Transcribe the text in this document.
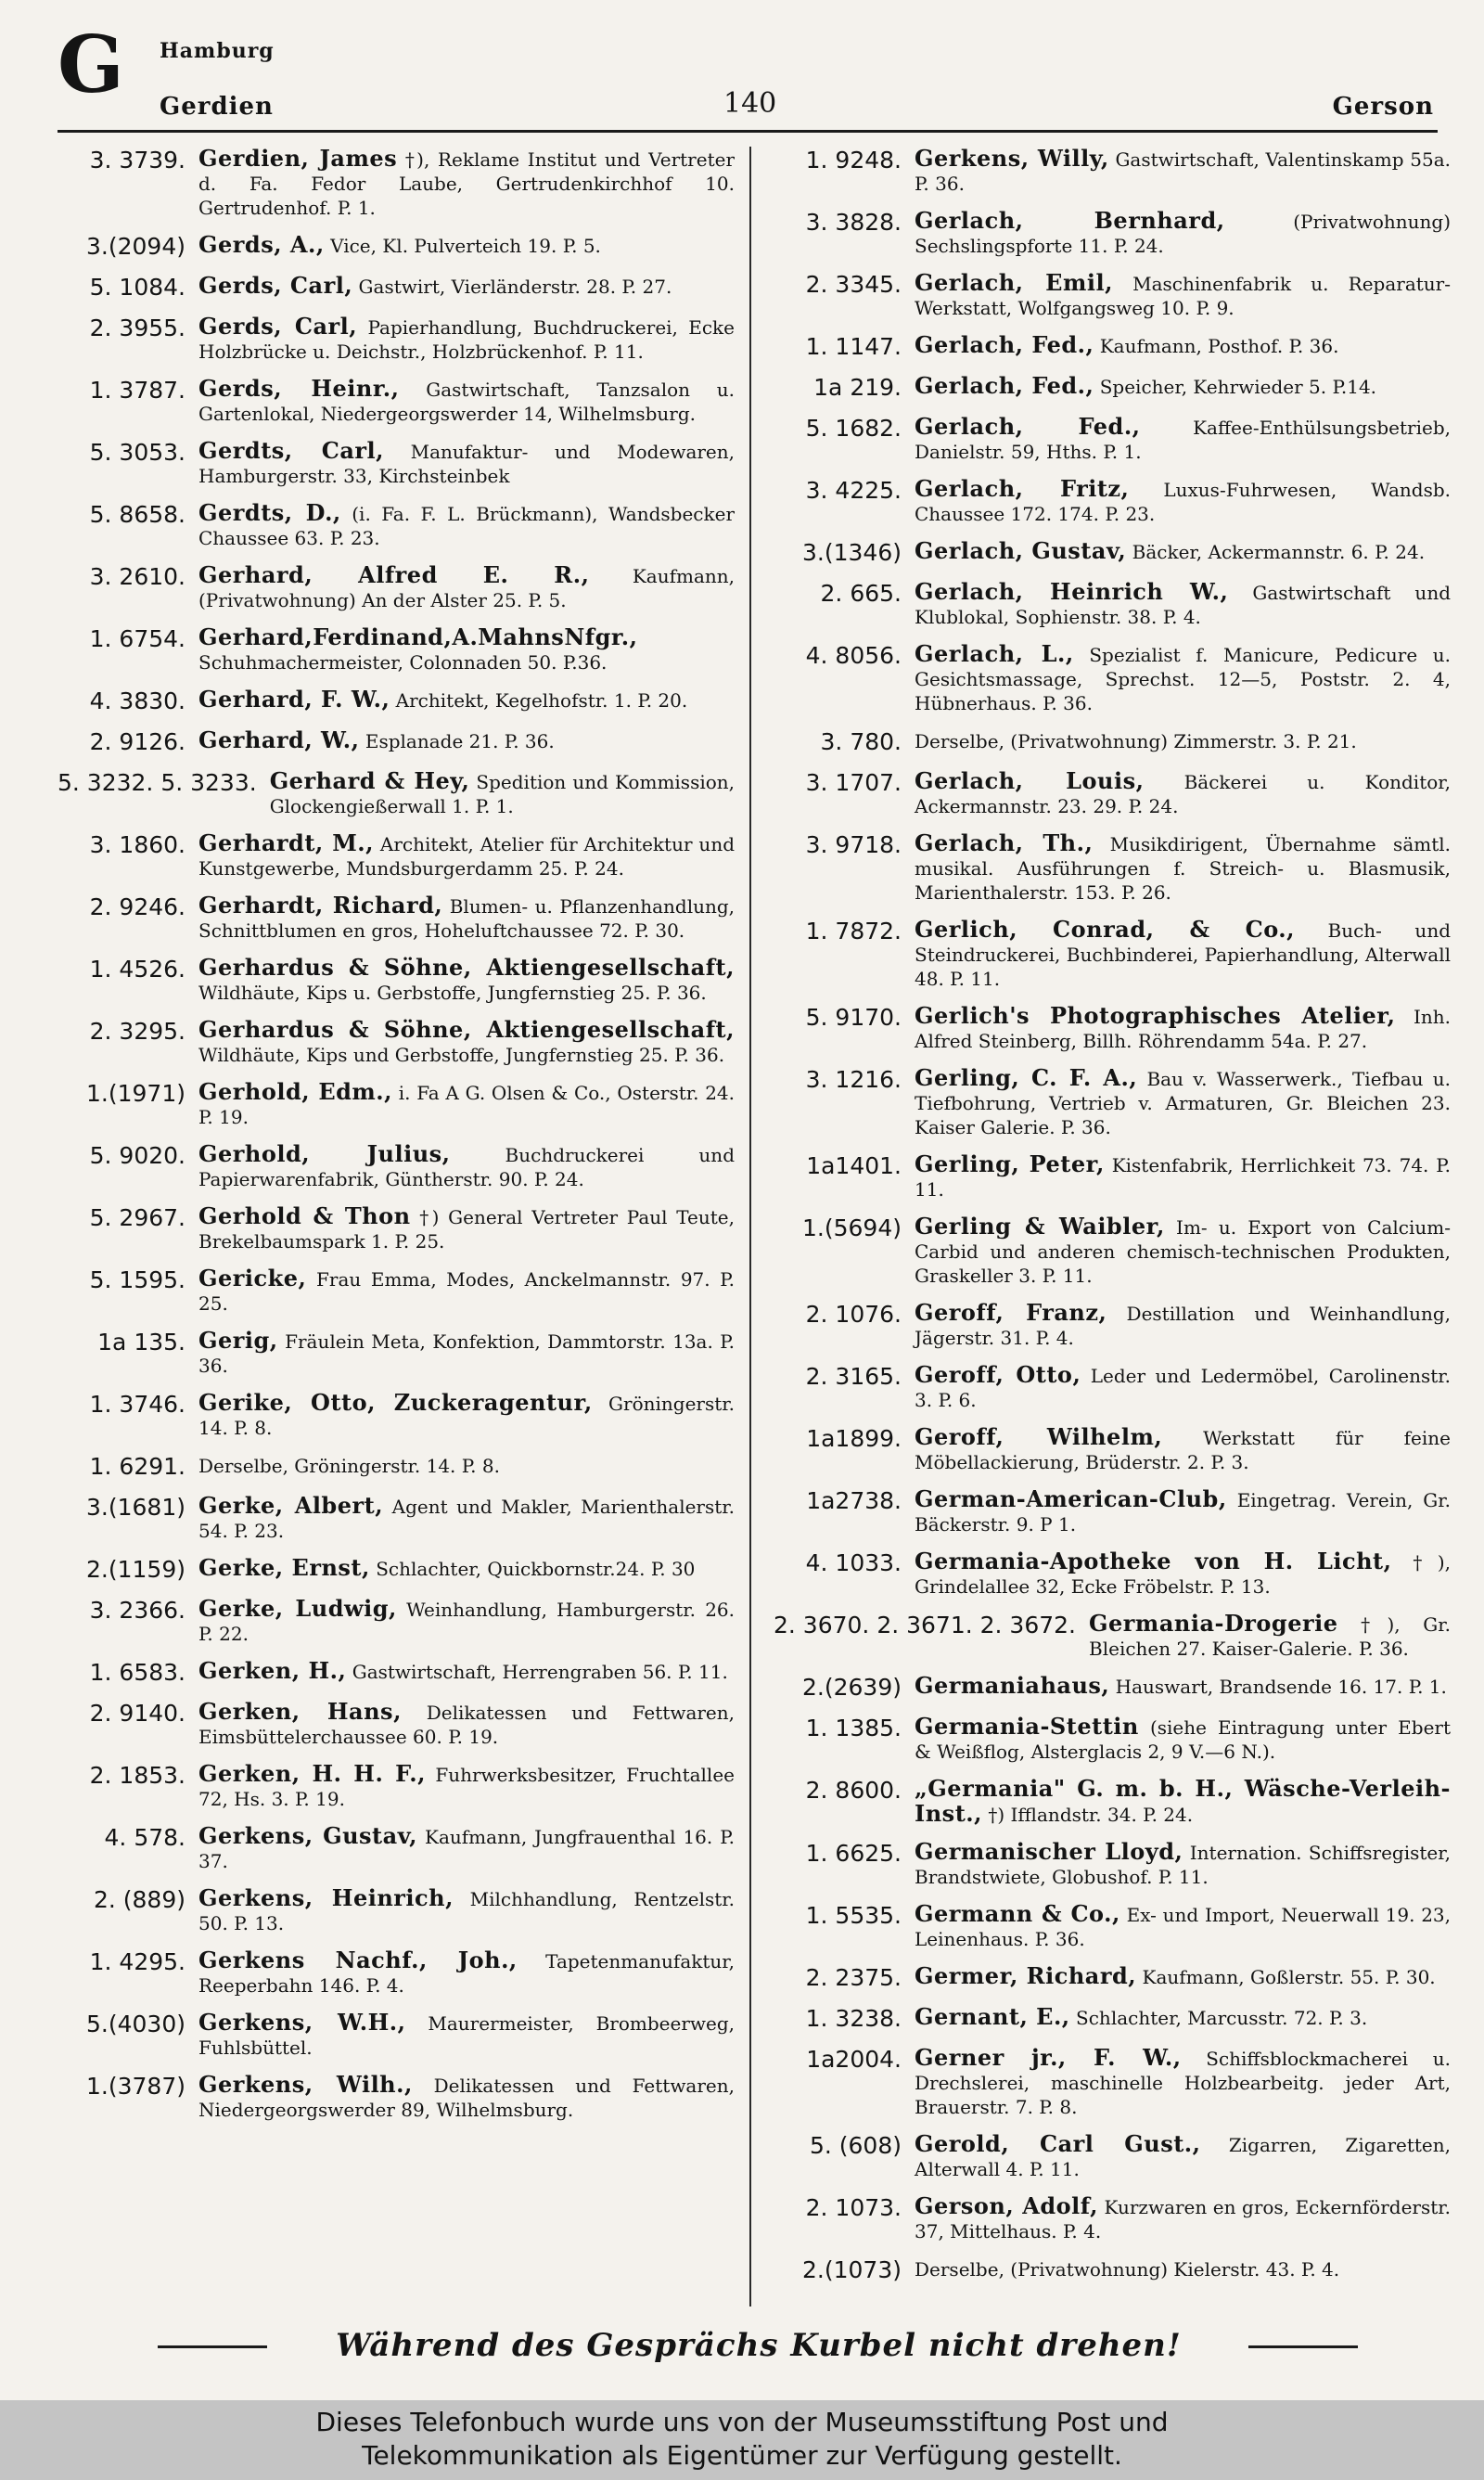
G Hamburg
Gerdien	140	Gerson
3. 3739. Gerdien, James †), Reklame Institut und Vertreter d. Fa. Fedor Laube, Gertrudenkirchhof 10. Gertrudenhof. P. 1.
3.(2094) Gerds, A., Vice, Kl. Pulverteich 19. P. 5.
5. 1084. Gerds, Carl, Gastwirt, Vierländerstr. 28. P. 27.
2. 3955. Gerds, Carl, Papierhandlung, Buchdruckerei, Ecke Holzbrücke u. Deichstr., Holzbrückenhof. P. 11.
1. 3787. Gerds, Heinr., Gastwirtschaft, Tanzsalon u. Gartenlokal, Niedergeorgswerder 14, Wilhelmsburg.
5. 3053. Gerdts, Carl, Manufaktur- und Modewaren, Hamburgerstr. 33, Kirchsteinbek
5. 8658. Gerdts, D., (i. Fa. F. L. Brückmann), Wandsbecker Chaussee 63. P. 23.
3. 2610. Gerhard, Alfred E. R., Kaufmann, (Privatwohnung) An der Alster 25. P. 5.
1. 6754. Gerhard,Ferdinand,A.MahnsNfgr., Schuhmachermeister, Colonnaden 50. P.36.
4. 3830. Gerhard, F. W., Architekt, Kegelhofstr. 1. P. 20.
2. 9126. Gerhard, W., Esplanade 21. P. 36.
5. 3232. 5. 3233. Gerhard & Hey, Spedition und Kommission, Glockengießerwall 1. P. 1.
3. 1860. Gerhardt, M., Architekt, Atelier für Architektur und Kunstgewerbe, Mundsburgerdamm 25. P. 24.
2. 9246. Gerhardt, Richard, Blumen- u. Pflanzenhandlung, Schnittblumen en gros, Hoheluftchaussee 72. P. 30.
1. 4526. Gerhardus & Söhne, Aktiengesellschaft, Wildhäute, Kips u. Gerbstoffe, Jungfernstieg 25. P. 36.
2. 3295. Gerhardus & Söhne, Aktiengesellschaft, Wildhäute, Kips und Gerbstoffe, Jungfernstieg 25. P. 36.
1.(1971) Gerhold, Edm., i. Fa A G. Olsen & Co., Osterstr. 24. P. 19.
5. 9020. Gerhold, Julius,	Buchdruckerei und Papierwarenfabrik, Güntherstr. 90. P. 24.
5. 2967. Gerhold & Thon †) General Vertreter Paul Teute, Brekelbaumspark 1. P. 25.
5. 1595. Gericke, Frau Emma, Modes, Anckelmannstr. 97. P. 25.
1a 135. Gerig, Fräulein Meta, Konfektion, Dammtorstr. 13a. P. 36.
1. 3746. Gerike, Otto, Zuckeragentur, Gröningerstr. 14. P. 8.
1. 6291. Derselbe, Gröningerstr. 14. P. 8.
3.(1681) Gerke, Albert, Agent und Makler, Marienthalerstr. 54. P. 23.
2.(1159) Gerke, Ernst, Schlachter, Quickbornstr.24. P. 30
3. 2366. Gerke, Ludwig, Weinhandlung, Hamburgerstr. 26. P. 22.
1. 6583. Gerken, H., Gastwirtschaft, Herrengraben 56. P. 11.
2. 9140. Gerken, Hans, Delikatessen und Fettwaren, Eimsbüttelerchaussee 60. P. 19.
2. 1853. Gerken, H. H. F., Fuhrwerksbesitzer, Fruchtallee 72, Hs. 3. P. 19.
4. 578. Gerkens, Gustav, Kaufmann, Jungfrauenthal 16. P. 37.
2. (889) Gerkens, Heinrich, Milchhandlung, Rentzelstr. 50. P. 13.
1. 4295. Gerkens Nachf., Joh., Tapetenmanufaktur, Reeperbahn 146. P. 4.
5.(4030) Gerkens, W.H., Maurermeister, Brombeerweg, Fuhlsbüttel.
1.(3787) Gerkens, Wilh., Delikatessen und Fettwaren, Niedergeorgswerder 89, Wilhelmsburg.
1. 9248. Gerkens, Willy, Gastwirtschaft, Valentinskamp 55a. P. 36.
3. 3828. Gerlach, Bernhard,	(Privatwohnung) Sechslingspforte 11. P. 24.
2. 3345. Gerlach, Emil, Maschinenfabrik u. Reparatur-Werkstatt, Wolfgangsweg 10. P. 9.
1. 1147. Gerlach, Fed., Kaufmann, Posthof. P. 36.
1a 219. Gerlach, Fed., Speicher, Kehrwieder 5. P.14.
5. 1682. Gerlach, Fed.,	Kaffee-Enthülsungsbetrieb, Danielstr. 59, Hths. P. 1.
3. 4225. Gerlach, Fritz, Luxus-Fuhrwesen, Wandsb. Chaussee 172. 174. P. 23.
3.(1346) Gerlach, Gustav, Bäcker, Ackermannstr. 6. P. 24.
2. 665. Gerlach, Heinrich W., Gastwirtschaft und Klublokal, Sophienstr. 38. P. 4.
4. 8056. Gerlach, L., Spezialist f. Manicure, Pedicure u. Gesichtsmassage, Sprechst. 12—5, Poststr. 2. 4, Hübnerhaus. P. 36.
3. 780. Derselbe, (Privatwohnung) Zimmerstr. 3. P. 21.
3. 1707. Gerlach, Louis, Bäckerei u. Konditor, Ackermannstr. 23. 29. P. 24.
3. 9718. Gerlach, Th., Musikdirigent, Übernahme sämtl. musikal. Ausführungen f. Streich- u. Blasmusik, Marienthalerstr. 153. P. 26.
1. 7872. Gerlich, Conrad, & Co., Buch- und Steindruckerei, Buchbinderei, Papierhandlung, Alterwall 48. P. 11.
5. 9170. Gerlich's Photographisches Atelier, Inh. Alfred Steinberg, Billh. Röhrendamm 54a. P. 27.
3. 1216. Gerling, C. F. A., Bau v. Wasserwerk., Tiefbau u. Tiefbohrung, Vertrieb v. Armaturen, Gr. Bleichen 23. Kaiser Galerie. P. 36.
1a1401. Gerling, Peter, Kistenfabrik, Herrlichkeit 73. 74. P. 11.
1.(5694) Gerling & Waibler, Im- u. Export von Calcium-Carbid und anderen chemisch-technischen Produkten, Graskeller 3. P. 11.
2. 1076. Geroff, Franz, Destillation und Weinhandlung, Jägerstr. 31. P. 4.
2. 3165. Geroff, Otto, Leder und Ledermöbel, Carolinenstr. 3. P. 6.
1a1899. Geroff, Wilhelm, Werkstatt für feine Möbellackierung, Brüderstr. 2. P. 3.
1a2738. German-American-Club, Eingetrag. Verein, Gr. Bäckerstr. 9. P 1.
4. 1033. Germania-Apotheke von H. Licht, †), Grindelallee 32, Ecke Fröbelstr. P. 13.
2. 3670. 2. 3671. 2. 3672. Germania-Drogerie †), Gr. Bleichen 27. Kaiser-Galerie. P. 36.
2.(2639) Germaniahaus, Hauswart, Brandsende 16. 17. P. 1.
1. 1385. Germania-Stettin (siehe Eintragung unter Ebert & Weißflog, Alsterglacis 2, 9 V.—6 N.).
2. 8600. „Germania" G. m. b. H., Wäsche-Verleih-Inst., †) Ifflandstr. 34. P. 24.
1. 6625. Germanischer Lloyd, Internation. Schiffsregister, Brandstwiete, Globushof. P. 11.
1. 5535. Germann & Co., Ex- und Import, Neuerwall 19. 23, Leinenhaus. P. 36.
2. 2375. Germer, Richard, Kaufmann, Goßlerstr. 55. P. 30.
1. 3238. Gernant, E., Schlachter, Marcusstr. 72. P. 3.
1a2004. Gerner jr., F. W., Schiffsblockmacherei u. Drechslerei, maschinelle Holzbearbeitg. jeder Art, Brauerstr. 7. P. 8.
5. (608) Gerold, Carl Gust., Zigarren, Zigaretten, Alterwall 4. P. 11.
2. 1073. Gerson, Adolf, Kurzwaren en gros, Eckernförderstr. 37, Mittelhaus. P. 4.
2.(1073) Derselbe, (Privatwohnung) Kielerstr. 43. P. 4.
Während des Gesprächs Kurbel nicht drehen!
Dieses Telefonbuch wurde uns von der Museumsstiftung Post und
Telekommunikation als Eigentümer zur Verfügung gestellt.
